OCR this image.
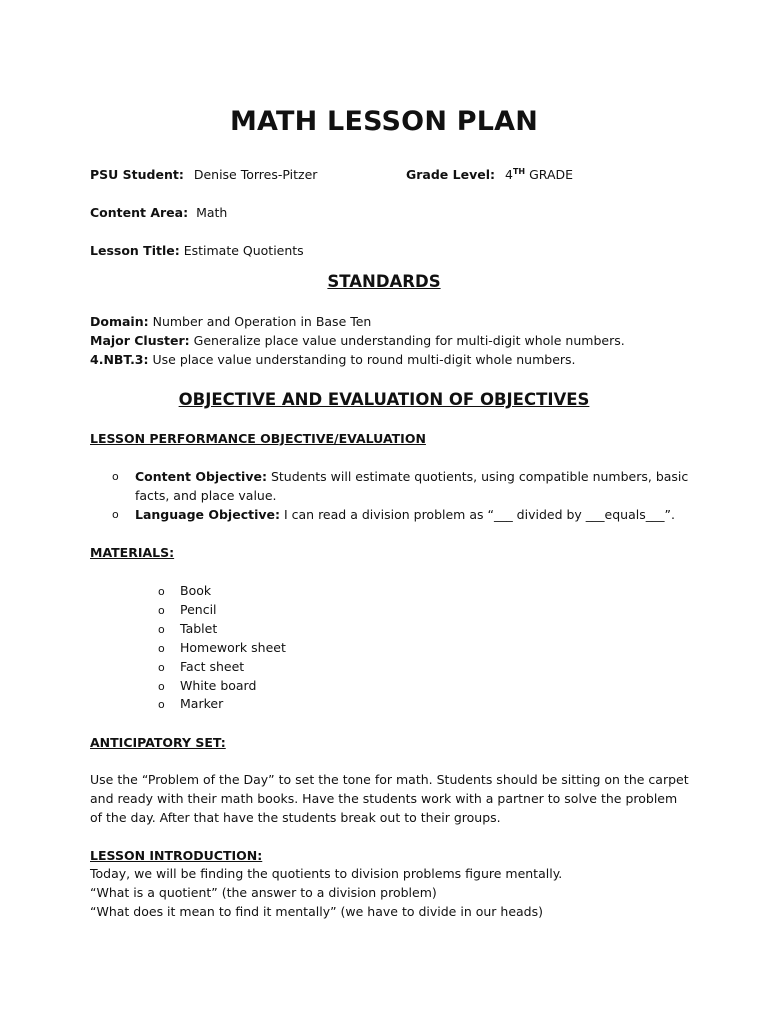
MATH LESSON PLAN
PSU Student: Denise Torres-Pitzer	Grade Level: 4TH GRADE
Content Area: Math
Lesson Title: Estimate Quotients
STANDARDS
Domain: Number and Operation in Base Ten
Major Cluster: Generalize place value understanding for multi-digit whole numbers.
4.NBT.3: Use place value understanding to round multi-digit whole numbers.
OBJECTIVE AND EVALUATION OF OBJECTIVES
LESSON PERFORMANCE OBJECTIVE/EVALUATION
o Content Objective: Students will estimate quotients, using compatible numbers, basic
facts, and place value.
o Language Objective: I can read a division problem as “___ divided by ___equals___”.
MATERIALS:
o Book
o Pencil
o Tablet
o Homework sheet
o Fact sheet
o White board
o Marker
ANTICIPATORY SET:
Use the “Problem of the Day” to set the tone for math. Students should be sitting on the carpet
and ready with their math books. Have the students work with a partner to solve the problem
of the day. After that have the students break out to their groups.
LESSON INTRODUCTION:
Today, we will be finding the quotients to division problems figure mentally.
“What is a quotient” (the answer to a division problem)
“What does it mean to find it mentally” (we have to divide in our heads)
